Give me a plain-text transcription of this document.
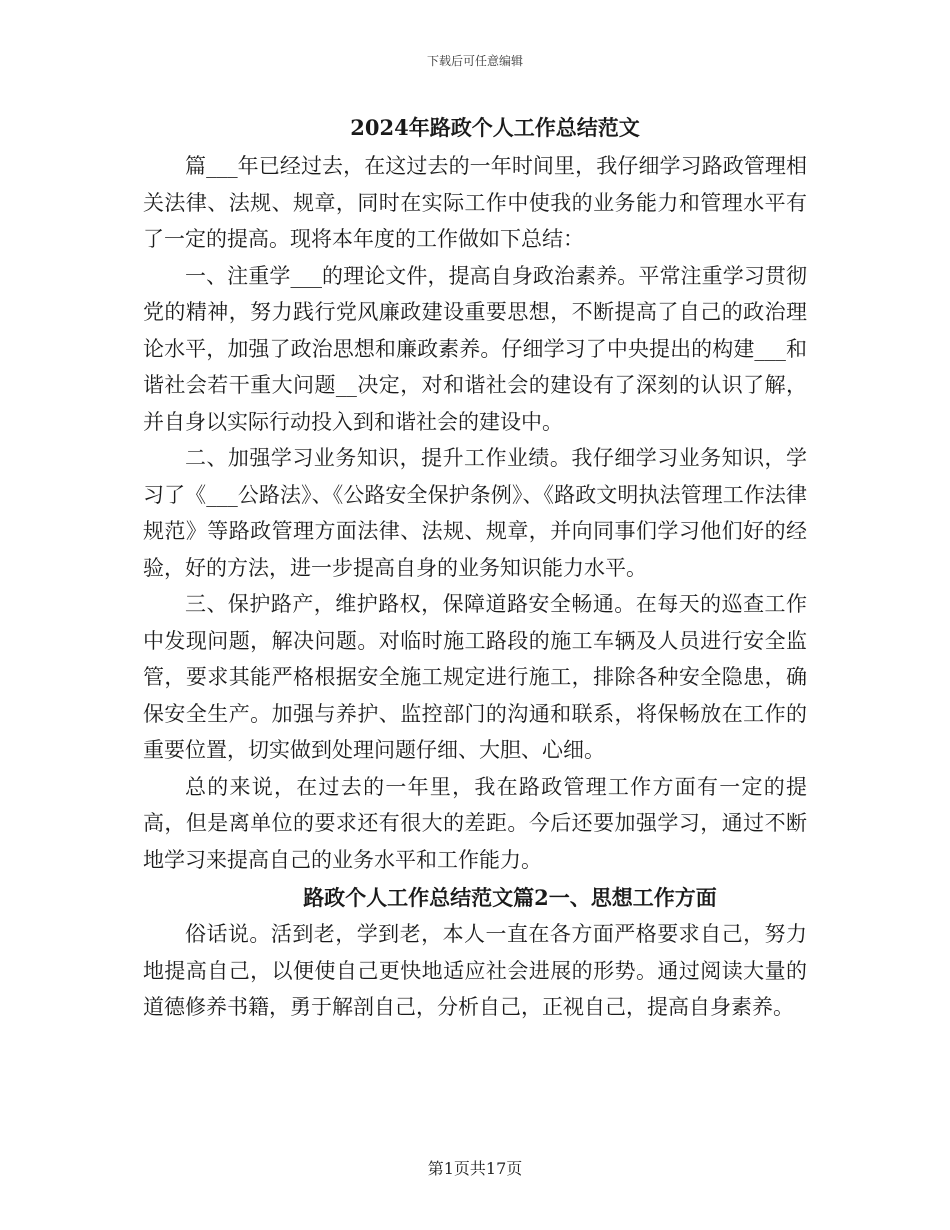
下载后可任意编辑
2024年路政个人工作总结范文

篇___年已经过去，在这过去的一年时间里，我仔细学习路政管理相关法律、法规、规章，同时在实际工作中使我的业务能力和管理水平有了一定的提高。现将本年度的工作做如下总结：

一、注重学___的理论文件，提高自身政治素养。平常注重学习贯彻党的精神，努力践行党风廉政建设重要思想，不断提高了自己的政治理论水平，加强了政治思想和廉政素养。仔细学习了中央提出的构建___和谐社会若干重大问题__决定，对和谐社会的建设有了深刻的认识了解，并自身以实际行动投入到和谐社会的建设中。

二、加强学习业务知识，提升工作业绩。我仔细学习业务知识，学习了《___公路法》、《公路安全保护条例》、《路政文明执法管理工作法律规范》等路政管理方面法律、法规、规章，并向同事们学习他们好的经验，好的方法，进一步提高自身的业务知识能力水平。

三、保护路产，维护路权，保障道路安全畅通。在每天的巡查工作中发现问题，解决问题。对临时施工路段的施工车辆及人员进行安全监管，要求其能严格根据安全施工规定进行施工，排除各种安全隐患，确保安全生产。加强与养护、监控部门的沟通和联系，将保畅放在工作的重要位置，切实做到处理问题仔细、大胆、心细。

总的来说，在过去的一年里，我在路政管理工作方面有一定的提高，但是离单位的要求还有很大的差距。今后还要加强学习，通过不断地学习来提高自己的业务水平和工作能力。

路政个人工作总结范文篇2一、思想工作方面

俗话说。活到老，学到老，本人一直在各方面严格要求自己，努力地提高自己，以便使自己更快地适应社会进展的形势。通过阅读大量的道德修养书籍，勇于解剖自己，分析自己，正视自己，提高自身素养。

第1页共17页
